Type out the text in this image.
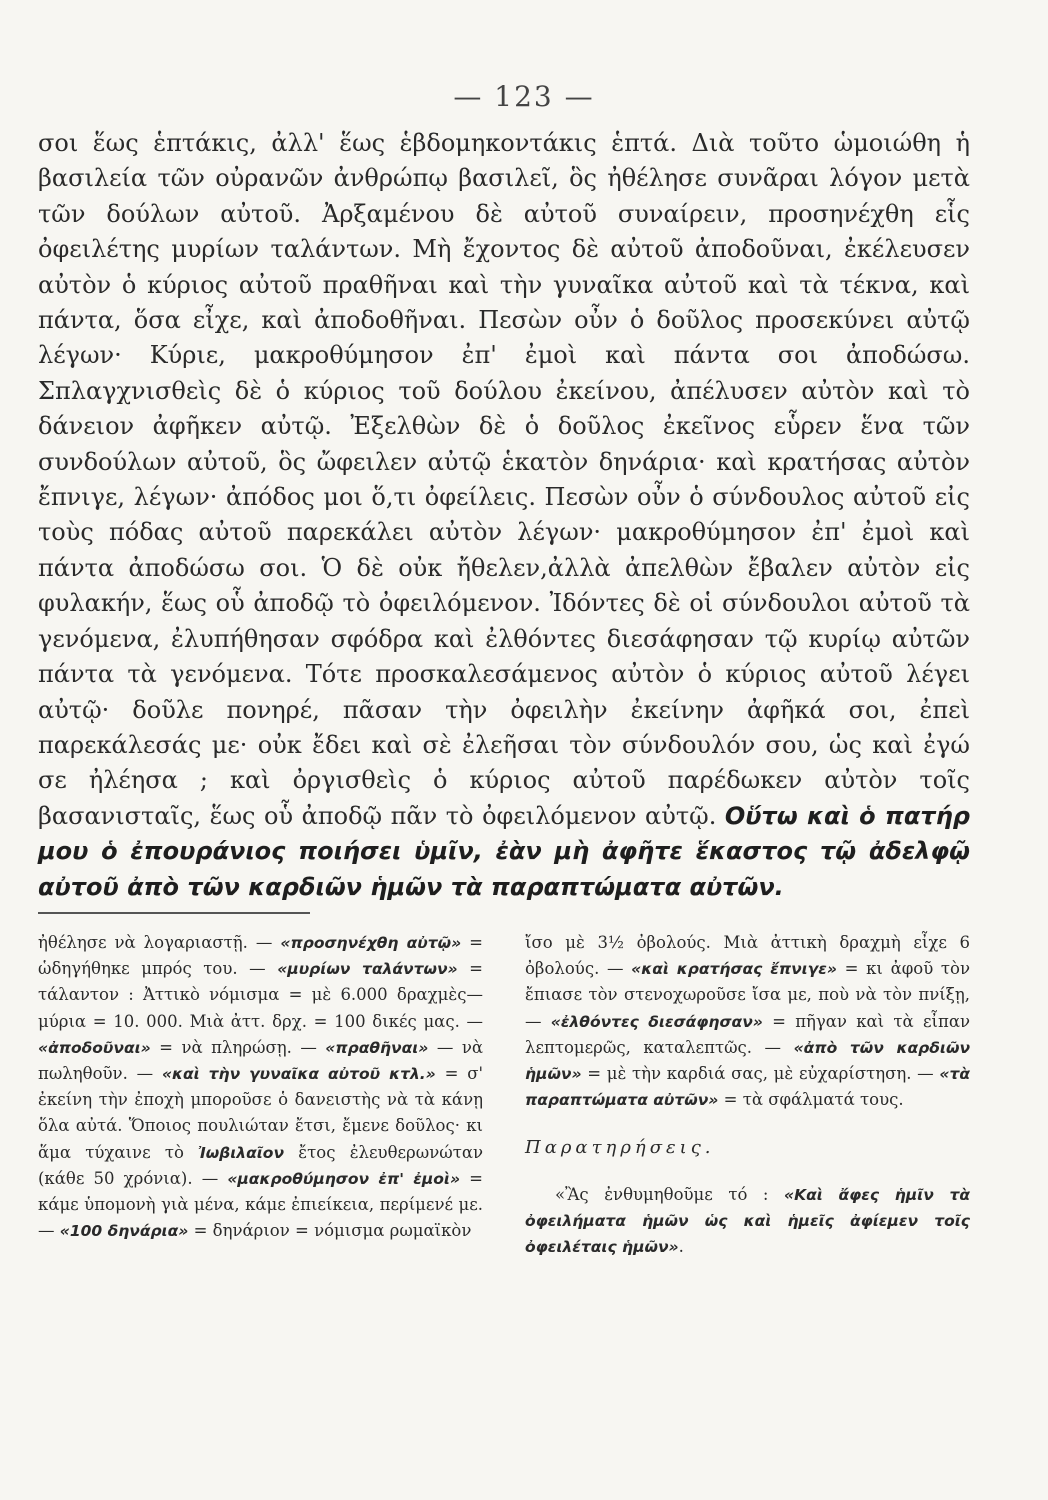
— 123 —
σοι ἕως ἑπτάκις, ἀλλ' ἕως ἑβδομηκοντάκις ἑπτά. Διὰ τοῦτο ὡμοιώθη ἡ βασιλεία τῶν οὐρανῶν ἀνθρώπῳ βασιλεῖ, ὃς ἠθέλησε συνᾶραι λόγον μετὰ τῶν δούλων αὐτοῦ. Ἀρξαμένου δὲ αὐτοῦ συναίρειν, προσηνέχθη εἷς ὀφειλέτης μυρίων ταλάντων. Μὴ ἔχοντος δὲ αὐτοῦ ἀποδοῦναι, ἐκέλευσεν αὐτὸν ὁ κύριος αὐτοῦ πραθῆναι καὶ τὴν γυναῖκα αὐτοῦ καὶ τὰ τέκνα, καὶ πάντα, ὅσα εἶχε, καὶ ἀποδοθῆναι. Πεσὼν οὖν ὁ δοῦλος προσεκύνει αὐτῷ λέγων· Κύριε, μακροθύμησον ἐπ' ἐμοὶ καὶ πάντα σοι ἀποδώσω. Σπλαγχνισθεὶς δὲ ὁ κύριος τοῦ δούλου ἐκείνου, ἀπέλυσεν αὐτὸν καὶ τὸ δάνειον ἀφῆκεν αὐτῷ. Ἐξελθὼν δὲ ὁ δοῦλος ἐκεῖνος εὗρεν ἕνα τῶν συνδούλων αὐτοῦ, ὃς ὤφειλεν αὐτῷ ἑκατὸν δηνάρια· καὶ κρατήσας αὐτὸν ἔπνιγε, λέγων· ἀπόδος μοι ὅ,τι ὀφείλεις. Πεσὼν οὖν ὁ σύνδουλος αὐτοῦ εἰς τοὺς πόδας αὐτοῦ παρεκάλει αὐτὸν λέγων· μακροθύμησον ἐπ' ἐμοὶ καὶ πάντα ἀποδώσω σοι. Ὁ δὲ οὐκ ἤθελεν,ἀλλὰ ἀπελθὼν ἔβαλεν αὐτὸν εἰς φυλακήν, ἕως οὗ ἀποδῷ τὸ ὀφειλόμενον. Ἰδόντες δὲ οἱ σύνδουλοι αὐτοῦ τὰ γενόμενα, ἐλυπήθησαν σφόδρα καὶ ἐλθόντες διεσάφησαν τῷ κυρίῳ αὐτῶν πάντα τὰ γενόμενα. Τότε προσκαλεσάμενος αὐτὸν ὁ κύριος αὐτοῦ λέγει αὐτῷ· δοῦλε πονηρέ, πᾶσαν τὴν ὀφειλὴν ἐκείνην ἀφῆκά σοι, ἐπεὶ παρεκάλεσάς με· οὐκ ἔδει καὶ σὲ ἐλεῆσαι τὸν σύνδουλόν σου, ὡς καὶ ἐγώ σε ἠλέησα ; καὶ ὀργισθεὶς ὁ κύριος αὐτοῦ παρέδωκεν αὐτὸν τοῖς βασανισταῖς, ἕως οὗ ἀποδῷ πᾶν τὸ ὀφειλόμενον αὐτῷ. Οὕτω καὶ ὁ πατήρ μου ὁ ἐπουράνιος ποιήσει ὑμῖν, ἐὰν μὴ ἀφῆτε ἕκαστος τῷ ἀδελφῷ αὐτοῦ ἀπὸ τῶν καρδιῶν ἡμῶν τὰ παραπτώματα αὐτῶν.

ἠθέλησε νὰ λογαριαστῇ. — «προσηνέχθη αὐτῷ» = ὡδηγήθηκε μπρός του. — «μυρίων ταλάντων» = τάλαντον : Ἀττικὸ νόμισμα = μὲ 6.000 δραχμὲς—μύρια = 10. 000. Μιὰ ἀττ. δρχ. = 100 δικές μας. — «ἀποδοῦναι» = νὰ πληρώσῃ. — «πραθῆναι» — νὰ πωληθοῦν. — «καὶ τὴν γυναῖκα αὐτοῦ κτλ.» = σ' ἐκείνη τὴν ἐποχὴ μποροῦσε ὁ δανειστὴς νὰ τὰ κάνῃ ὅλα αὐτά. Ὅποιος πουλιώταν ἔτσι, ἔμενε δοῦλος· κι ἅμα τύχαινε τὸ Ἰωβιλαῖον ἔτος ἐλευθερωνώταν (κάθε 50 χρόνια). — «μακροθύμησον ἐπ' ἐμοὶ» = κάμε ὑπομονὴ γιὰ μένα, κάμε ἐπιείκεια, περίμενέ με. — «100 δηνάρια» = δηνάριον = νόμισμα ρωμαϊκὸν

ἴσο μὲ 3½ ὀβολούς. Μιὰ ἀττικὴ δραχμὴ εἶχε 6 ὀβολούς. — «καὶ κρατήσας ἔπνιγε» = κι ἀφοῦ τὸν ἔπιασε τὸν στενοχωροῦσε ἴσα με, ποὺ νὰ τὸν πνίξῃ, — «ἐλθόντες διεσάφησαν» = πῆγαν καὶ τὰ εἶπαν λεπτομερῶς, καταλεπτῶς. — «ἀπὸ τῶν καρδιῶν ἡμῶν» = μὲ τὴν καρδιά σας, μὲ εὐχαρίστηση. — «τὰ παραπτώματα αὐτῶν» = τὰ σφάλματά τους.

Παρατηρήσεις.

«Ἂς ἐνθυμηθοῦμε τό : «Καὶ ἄφες ἡμῖν τὰ ὀφειλήματα ἡμῶν ὡς καὶ ἡμεῖς ἀφίεμεν τοῖς ὀφειλέταις ἡμῶν».
